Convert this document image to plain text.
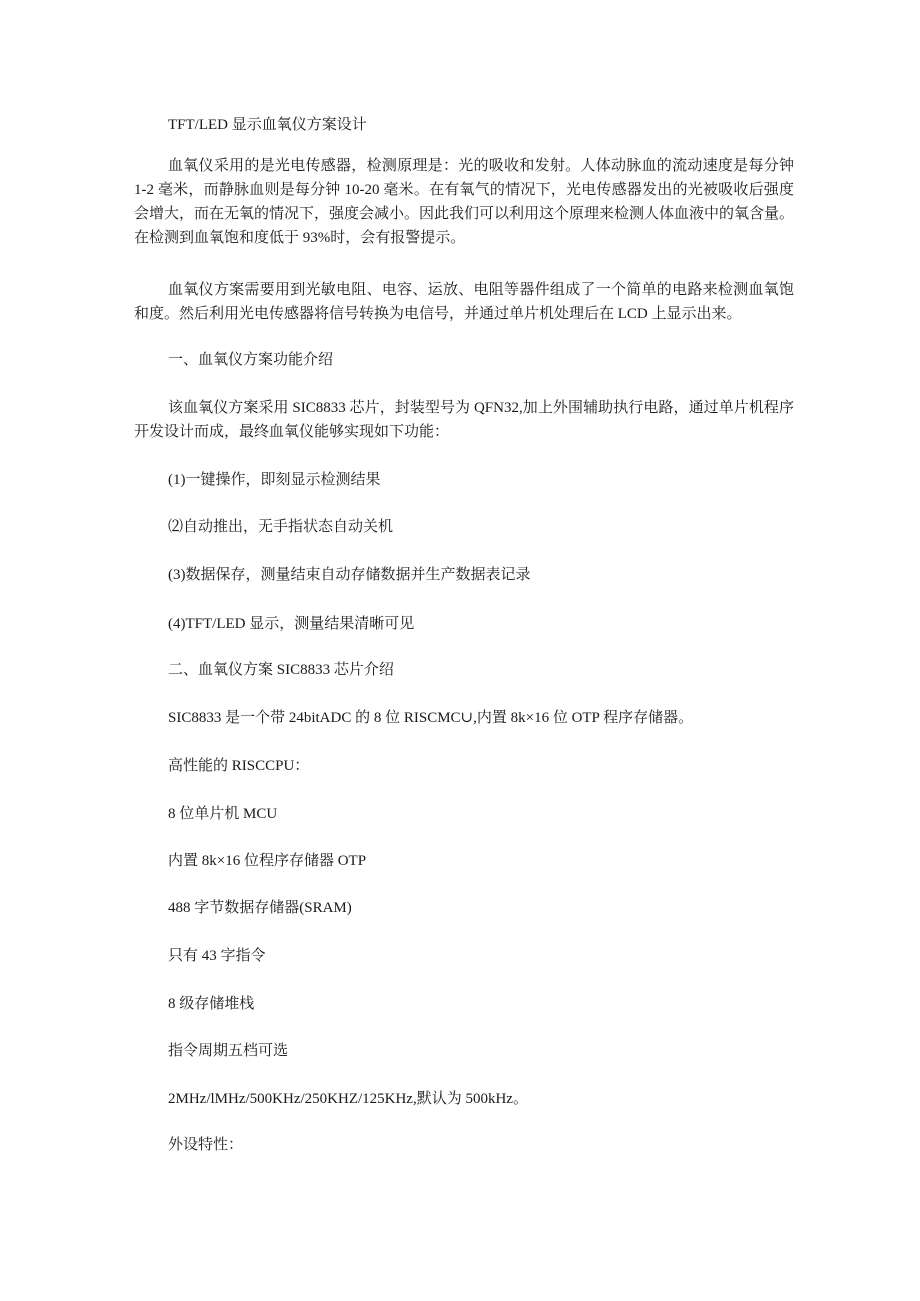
TFT/LED 显示血氧仪方案设计

血氧仪采用的是光电传感器，检测原理是：光的吸收和发射。人体动脉血的流动速度是每分钟 1-2 毫米，而静脉血则是每分钟 10-20 毫米。在有氧气的情况下，光电传感器发出的光被吸收后强度会增大，而在无氧的情况下，强度会减小。因此我们可以利用这个原理来检测人体血液中的氧含量。在检测到血氧饱和度低于 93%时，会有报警提示。

血氧仪方案需要用到光敏电阻、电容、运放、电阻等器件组成了一个简单的电路来检测血氧饱和度。然后利用光电传感器将信号转换为电信号，并通过单片机处理后在 LCD 上显示出来。

一、血氧仪方案功能介绍

该血氧仪方案采用 SIC8833 芯片，封装型号为 QFN32,加上外围辅助执行电路，通过单片机程序开发设计而成，最终血氧仪能够实现如下功能：

(1)一键操作，即刻显示检测结果

⑵自动推出，无手指状态自动关机

(3)数据保存，测量结束自动存储数据并生产数据表记录

(4)TFT/LED 显示，测量结果清晰可见

二、血氧仪方案 SIC8833 芯片介绍

SIC8833 是一个带 24bitADC 的 8 位 RISCMC∪,内置 8k×16 位 OTP 程序存储器。

高性能的 RISCCPU：

8 位单片机 MCU

内置 8k×16 位程序存储器 OTP

488 字节数据存储器(SRAM)

只有 43 字指令

8 级存储堆栈

指令周期五档可选

2MHz/lMHz/500KHz/250KHZ/125KHz,默认为 500kHz。

外设特性：
